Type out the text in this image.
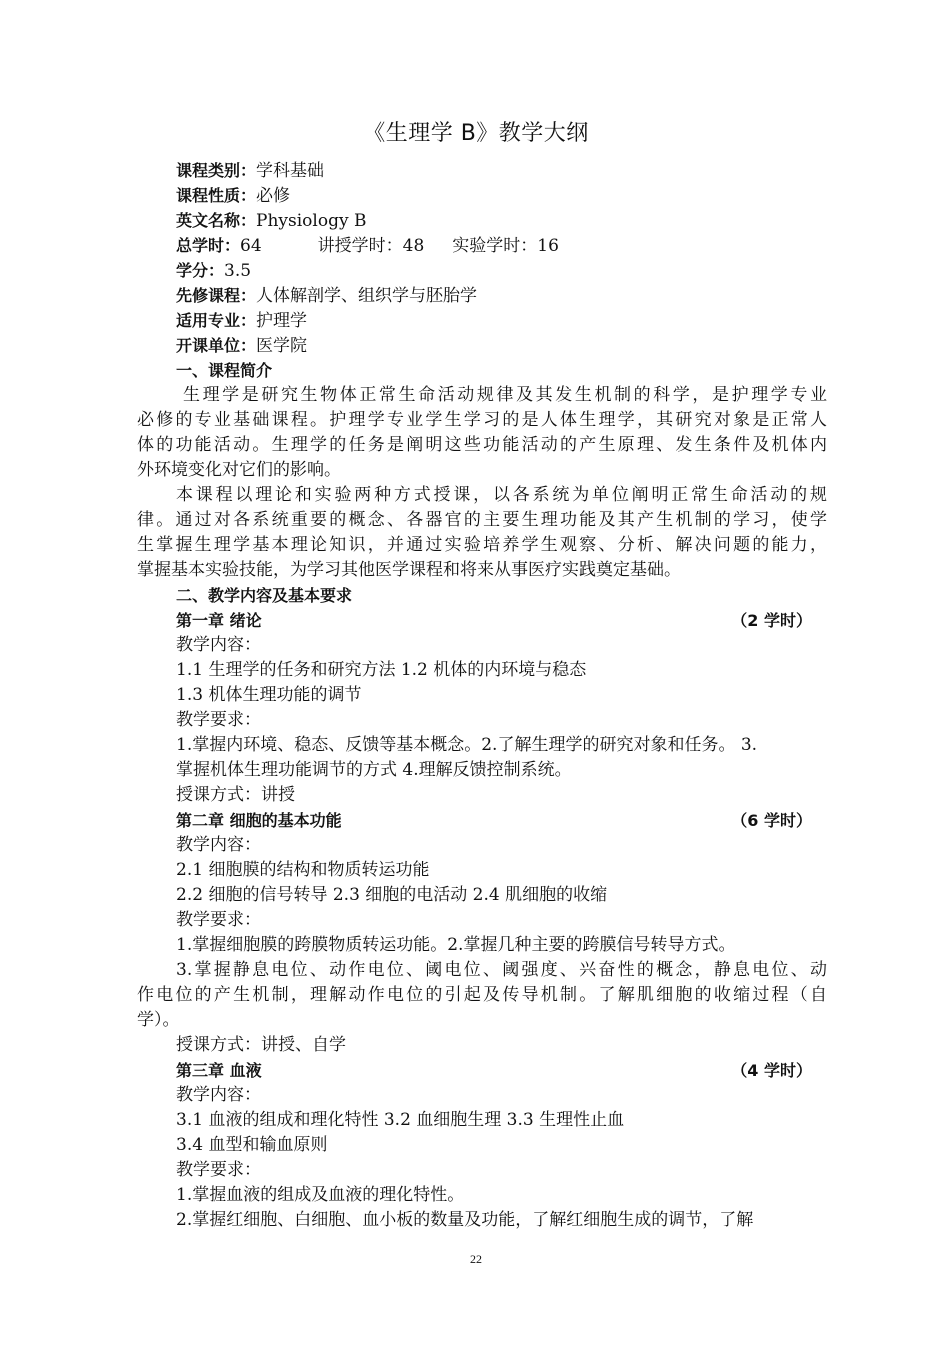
《生理学 B》教学大纲
课程类别：学科基础
课程性质：必修
英文名称：Physiology B
总学时：64	讲授学时：48 实验学时：16
学分：3.5
先修课程：人体解剖学、组织学与胚胎学
适用专业：护理学
开课单位：医学院
一、课程简介
生理学是研究生物体正常生命活动规律及其发生机制的科学，是护理学专业
必修的专业基础课程。护理学专业学生学习的是人体生理学，其研究对象是正常人
体的功能活动。生理学的任务是阐明这些功能活动的产生原理、发生条件及机体内
外环境变化对它们的影响。
本课程以理论和实验两种方式授课，以各系统为单位阐明正常生命活动的规
律。通过对各系统重要的概念、各器官的主要生理功能及其产生机制的学习，使学
生掌握生理学基本理论知识，并通过实验培养学生观察、分析、解决问题的能力，
掌握基本实验技能，为学习其他医学课程和将来从事医疗实践奠定基础。
二、教学内容及基本要求
第一章 绪论	（2 学时）
教学内容：
1.1 生理学的任务和研究方法 1.2 机体的内环境与稳态
1.3 机体生理功能的调节
教学要求：
1.掌握内环境、稳态、反馈等基本概念。2.了解生理学的研究对象和任务。 3.
掌握机体生理功能调节的方式 4.理解反馈控制系统。
授课方式：讲授
第二章 细胞的基本功能	（6 学时）
教学内容：
2.1 细胞膜的结构和物质转运功能
2.2 细胞的信号转导 2.3 细胞的电活动 2.4 肌细胞的收缩
教学要求：
1.掌握细胞膜的跨膜物质转运功能。2.掌握几种主要的跨膜信号转导方式。
3.掌握静息电位、动作电位、阈电位、阈强度、兴奋性的概念，静息电位、动
作电位的产生机制，理解动作电位的引起及传导机制。了解肌细胞的收缩过程（自
学）。
授课方式：讲授、自学
第三章 血液	（4 学时）
教学内容：
3.1 血液的组成和理化特性 3.2 血细胞生理 3.3 生理性止血
3.4 血型和输血原则
教学要求：
1.掌握血液的组成及血液的理化特性。
2.掌握红细胞、白细胞、血小板的数量及功能，了解红细胞生成的调节，了解
22
